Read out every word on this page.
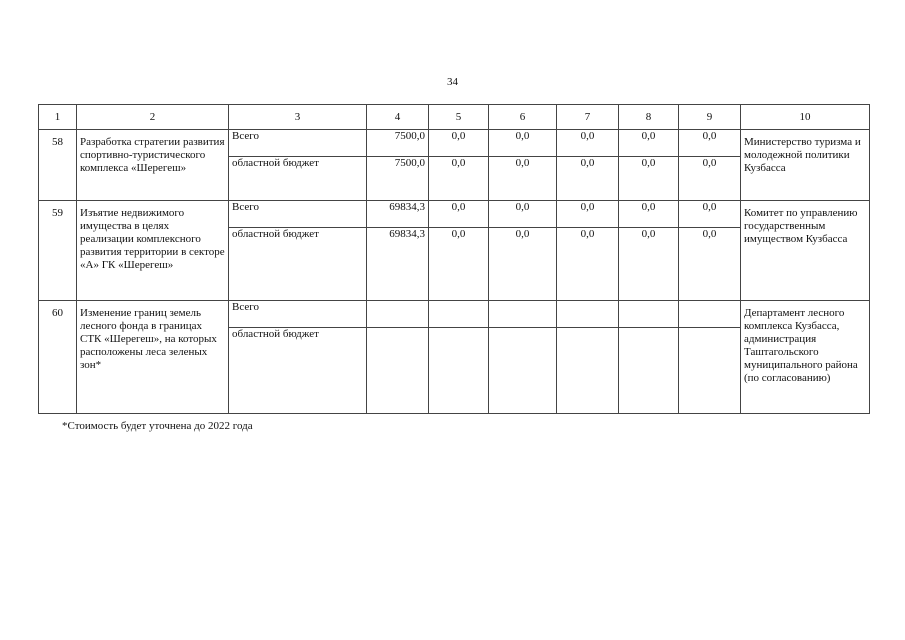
34
1	2	3	4	5	6	7	8	9	10
58	Разработка стратегии развития спортивно-туристического комплекса «Шерегеш»	Всего	7500,0	0,0	0,0	0,0	0,0	0,0	Министерство туризма и молодежной политики Кузбасса
		областной бюджет	7500,0	0,0	0,0	0,0	0,0	0,0	
59	Изъятие недвижимого имущества в целях реализации комплексного развития территории в секторе «А» ГК «Шерегеш»	Всего	69834,3	0,0	0,0	0,0	0,0	0,0	Комитет по управлению государственным имуществом Кузбасса
		областной бюджет	69834,3	0,0	0,0	0,0	0,0	0,0	
60	Изменение границ земель лесного фонда в границах СТК «Шерегеш», на которых расположены леса зеленых зон*	Всего							Департамент лесного комплекса Кузбасса, администрация Таштагольского муниципального района (по согласованию)
		областной бюджет							
*Стоимость будет уточнена до 2022 года
